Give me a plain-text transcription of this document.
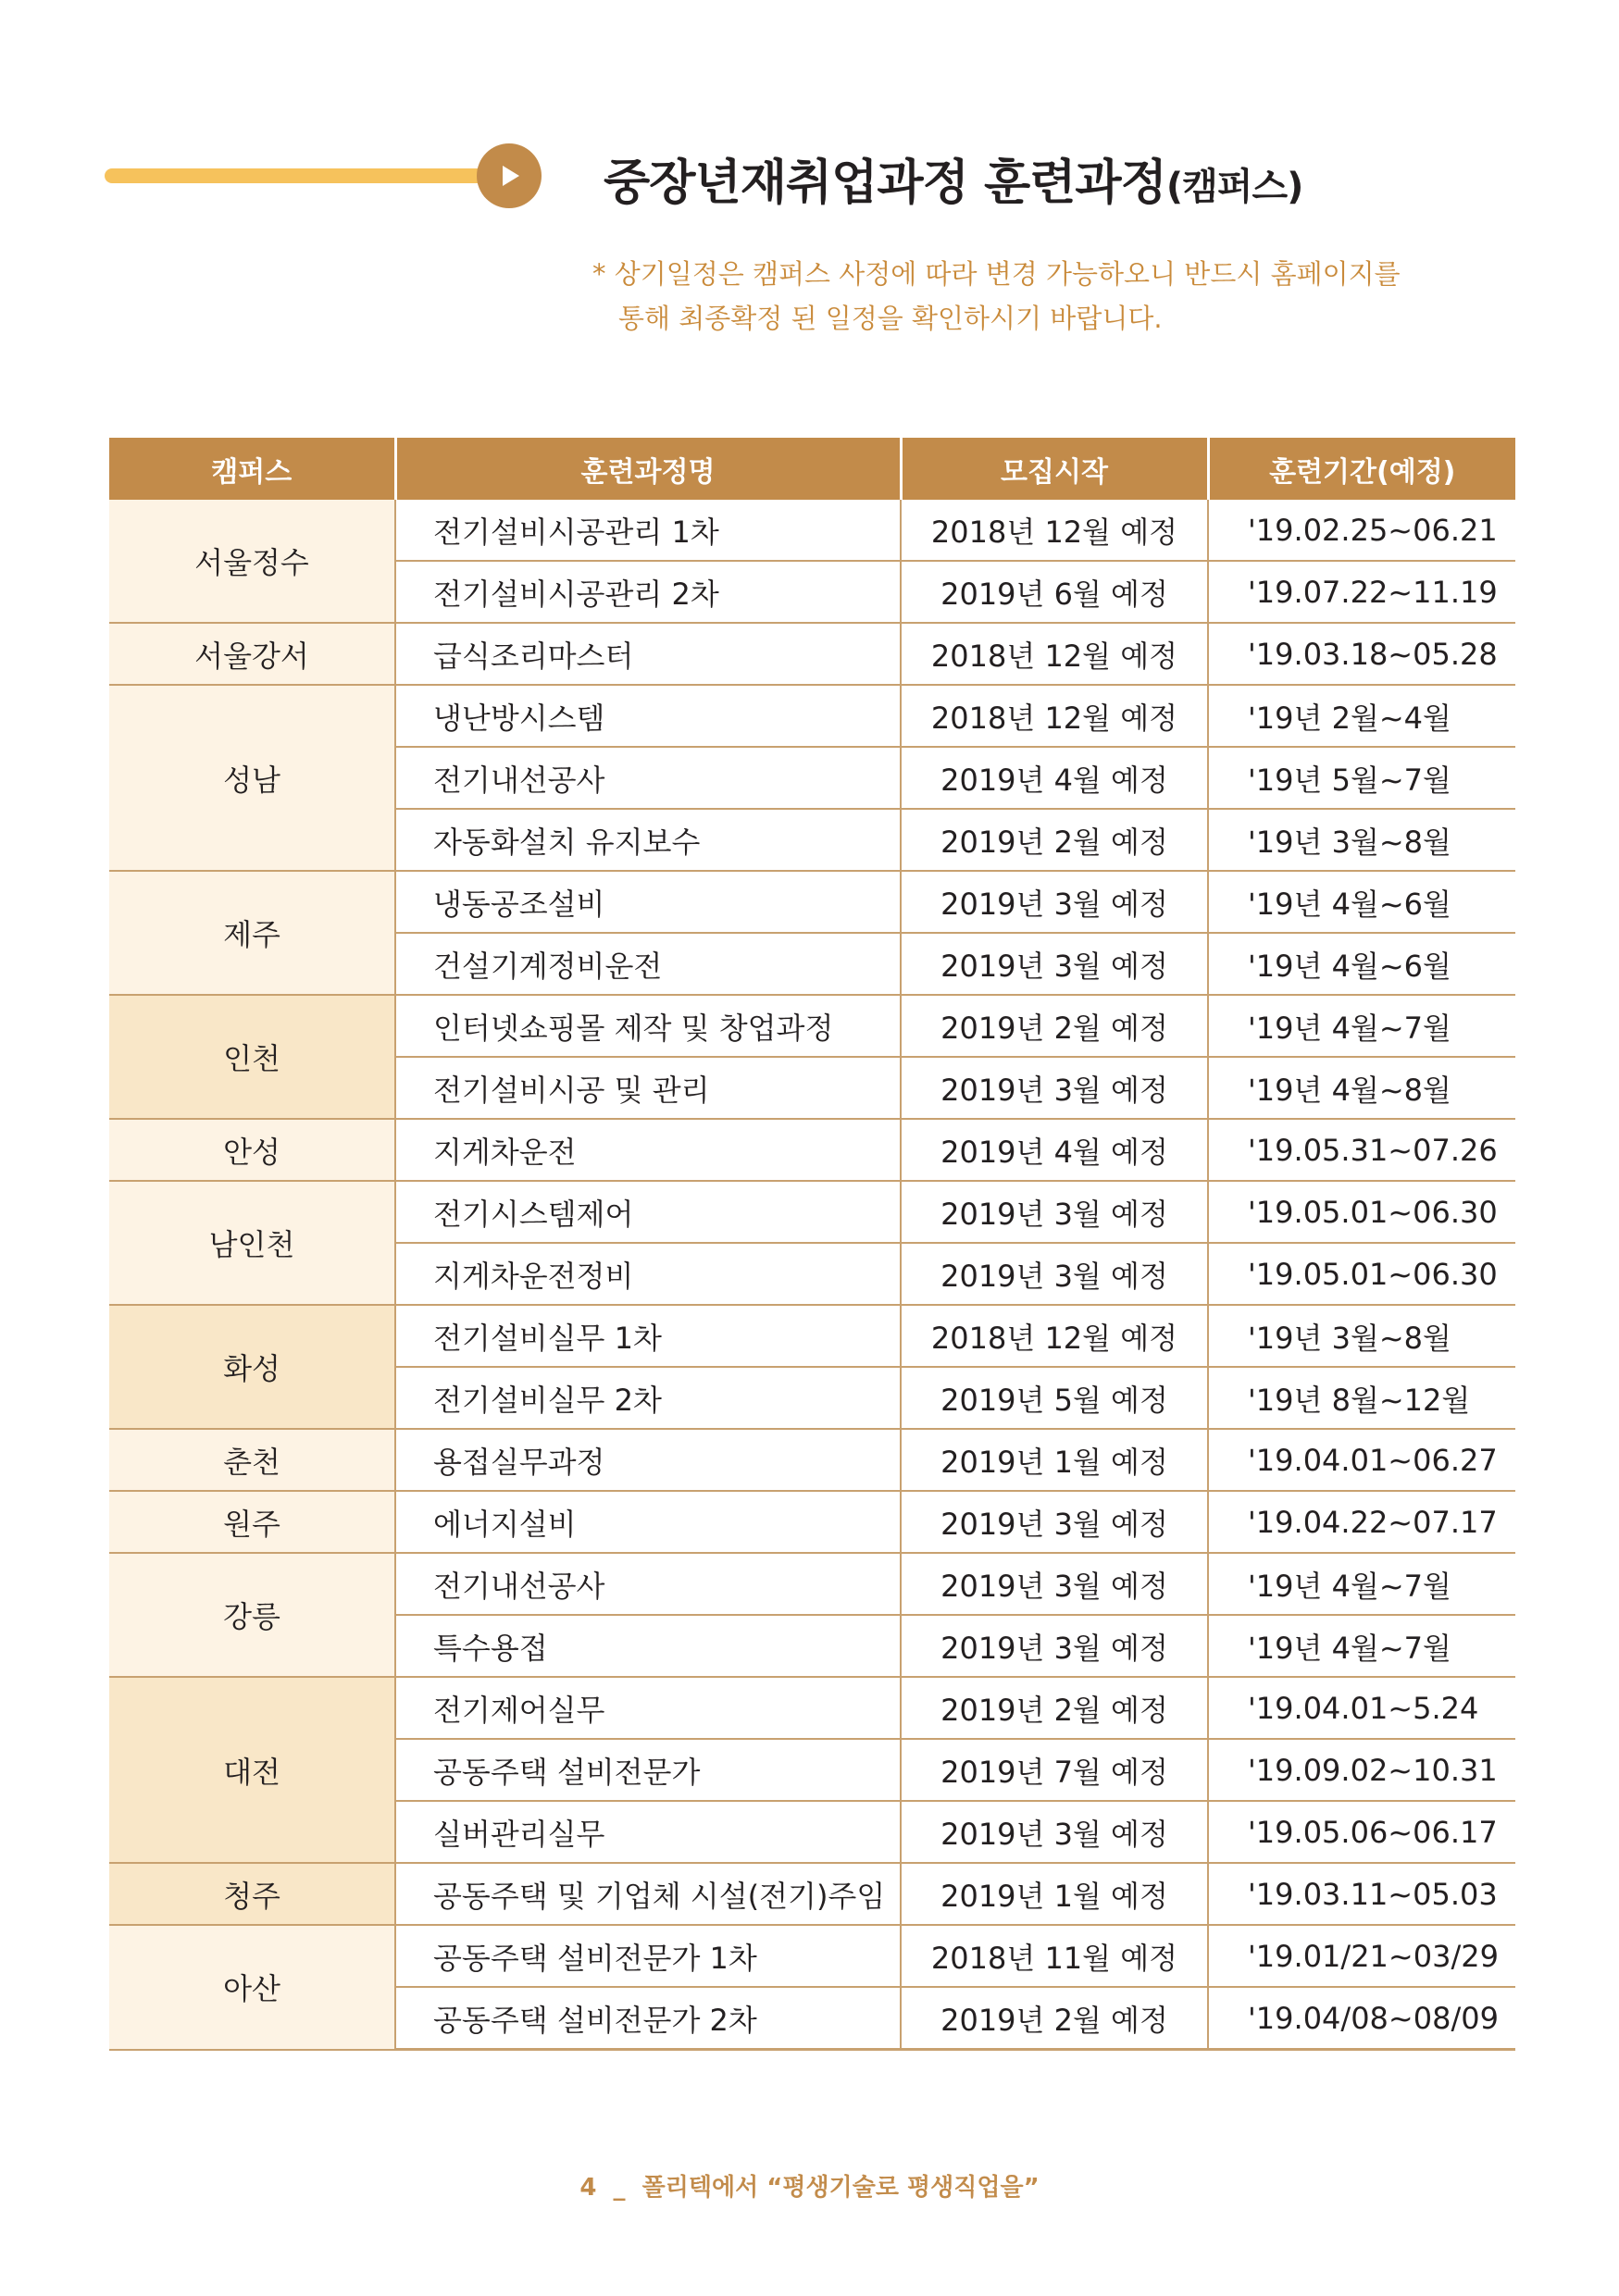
중장년재취업과정 훈련과정(캠퍼스)
* 상기일정은 캠퍼스 사정에 따라 변경 가능하오니 반드시 홈페이지를
통해 최종확정 된 일정을 확인하시기 바랍니다.
캠퍼스	훈련과정명	모집시작	훈련기간(예정)
서울정수	전기설비시공관리 1차	2018년 12월 예정	'19.02.25~06.21
	전기설비시공관리 2차	2019년 6월 예정	'19.07.22~11.19
서울강서	급식조리마스터	2018년 12월 예정	'19.03.18~05.28
성남	냉난방시스템	2018년 12월 예정	'19년 2월~4월
	전기내선공사	2019년 4월 예정	'19년 5월~7월
	자동화설치 유지보수	2019년 2월 예정	'19년 3월~8월
제주	냉동공조설비	2019년 3월 예정	'19년 4월~6월
	건설기계정비운전	2019년 3월 예정	'19년 4월~6월
인천	인터넷쇼핑몰 제작 및 창업과정	2019년 2월 예정	'19년 4월~7월
	전기설비시공 및 관리	2019년 3월 예정	'19년 4월~8월
안성	지게차운전	2019년 4월 예정	'19.05.31~07.26
남인천	전기시스템제어	2019년 3월 예정	'19.05.01~06.30
	지게차운전정비	2019년 3월 예정	'19.05.01~06.30
화성	전기설비실무 1차	2018년 12월 예정	'19년 3월~8월
	전기설비실무 2차	2019년 5월 예정	'19년 8월~12월
춘천	용접실무과정	2019년 1월 예정	'19.04.01~06.27
원주	에너지설비	2019년 3월 예정	'19.04.22~07.17
강릉	전기내선공사	2019년 3월 예정	'19년 4월~7월
	특수용접	2019년 3월 예정	'19년 4월~7월
대전	전기제어실무	2019년 2월 예정	'19.04.01~5.24
	공동주택 설비전문가	2019년 7월 예정	'19.09.02~10.31
	실버관리실무	2019년 3월 예정	'19.05.06~06.17
청주	공동주택 및 기업체 시설(전기)주임	2019년 1월 예정	'19.03.11~05.03
아산	공동주택 설비전문가 1차	2018년 11월 예정	'19.01/21~03/29
	공동주택 설비전문가 2차	2019년 2월 예정	'19.04/08~08/09
4 _ 폴리텍에서 “평생기술로 평생직업을”
